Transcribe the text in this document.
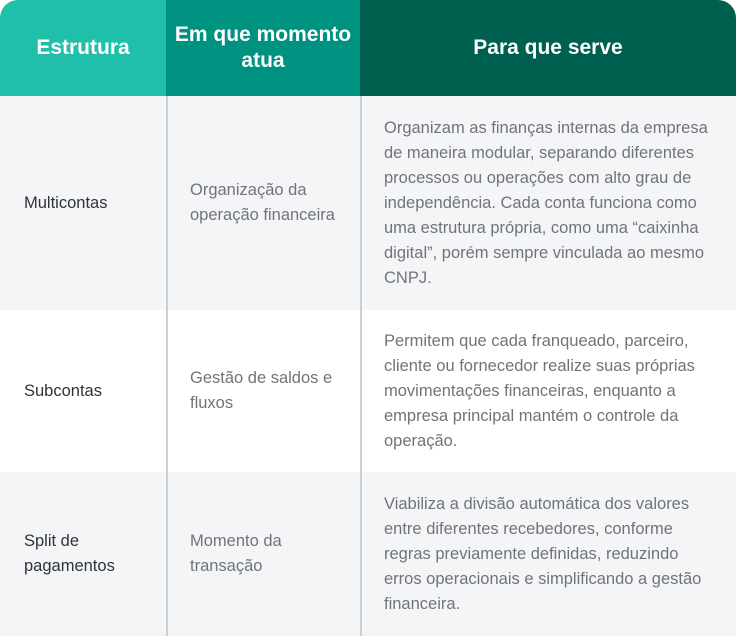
Estrutura
Em que momento atua
Para que serve
Multicontas
Organização da operação financeira
Organizam as finanças internas da empresa de maneira modular, separando diferentes processos ou operações com alto grau de independência. Cada conta funciona como uma estrutura própria, como uma “caixinha digital”, porém sempre vinculada ao mesmo CNPJ.
Subcontas
Gestão de saldos e fluxos
Permitem que cada franqueado, parceiro, cliente ou fornecedor realize suas próprias movimentações financeiras, enquanto a empresa principal mantém o controle da operação.
Split de pagamentos
Momento da transação
Viabiliza a divisão automática dos valores entre diferentes recebedores, conforme regras previamente definidas, reduzindo erros operacionais e simplificando a gestão financeira.
